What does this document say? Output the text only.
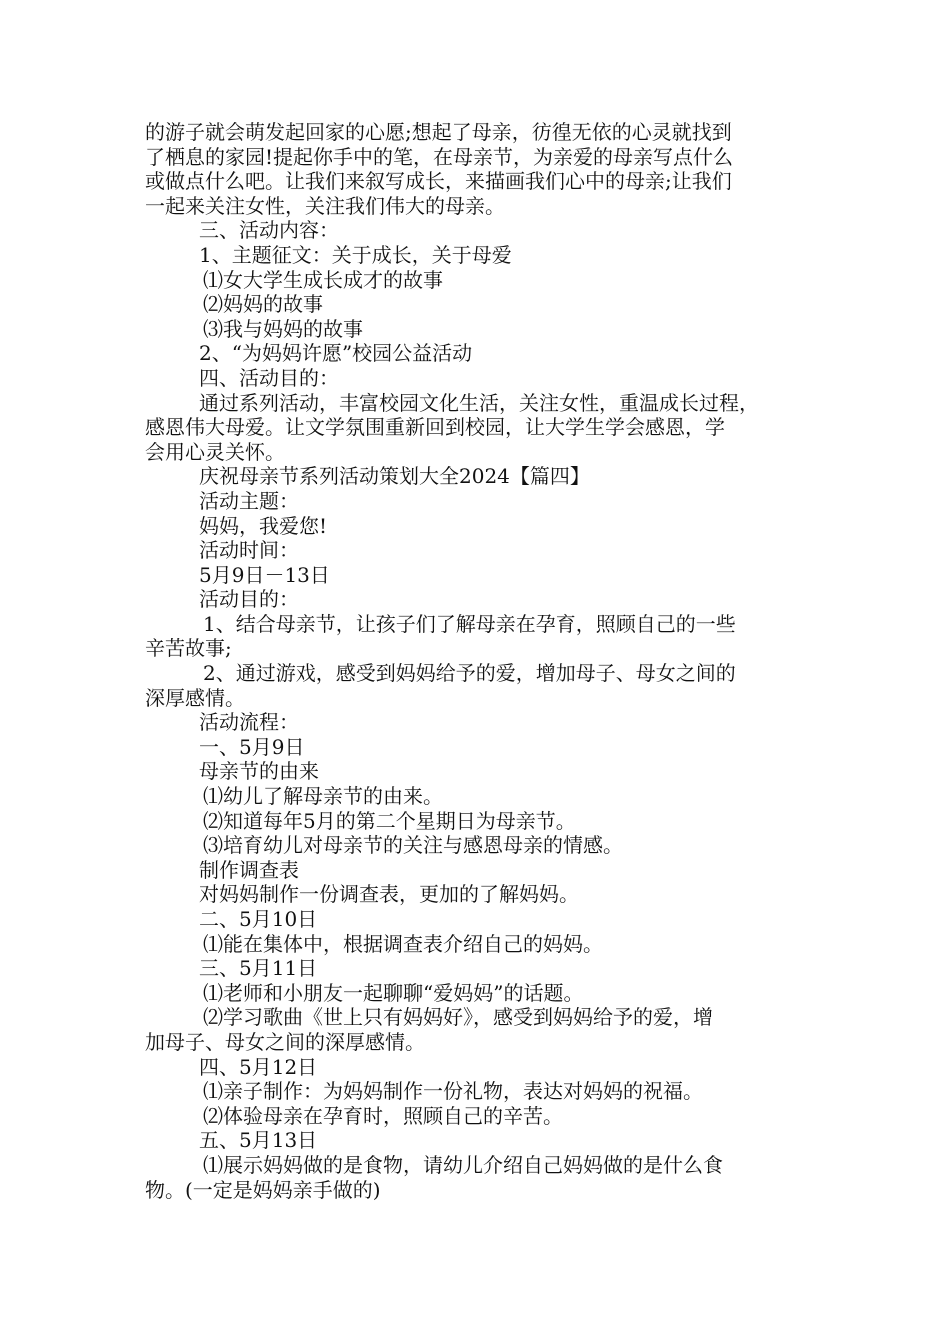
的游子就会萌发起回家的心愿;想起了母亲，彷徨无依的心灵就找到
了栖息的家园!提起你手中的笔，在母亲节，为亲爱的母亲写点什么
或做点什么吧。让我们来叙写成长，来描画我们心中的母亲;让我们
一起来关注女性，关注我们伟大的母亲。
三、活动内容：
1、主题征文：关于成长，关于母爱
⑴女大学生成长成才的故事
⑵妈妈的故事
⑶我与妈妈的故事
2、“为妈妈许愿”校园公益活动
四、活动目的：
通过系列活动，丰富校园文化生活，关注女性，重温成长过程，
感恩伟大母爱。让文学氛围重新回到校园，让大学生学会感恩，学
会用心灵关怀。
庆祝母亲节系列活动策划大全2024【篇四】
活动主题：
妈妈，我爱您!
活动时间：
5月9日－13日
活动目的：
1、结合母亲节，让孩子们了解母亲在孕育，照顾自己的一些
辛苦故事;
2、通过游戏，感受到妈妈给予的爱，增加母子、母女之间的
深厚感情。
活动流程：
一、5月9日
母亲节的由来
⑴幼儿了解母亲节的由来。
⑵知道每年5月的第二个星期日为母亲节。
⑶培育幼儿对母亲节的关注与感恩母亲的情感。
制作调查表
对妈妈制作一份调查表，更加的了解妈妈。
二、5月10日
⑴能在集体中，根据调查表介绍自己的妈妈。
三、5月11日
⑴老师和小朋友一起聊聊“爱妈妈”的话题。
⑵学习歌曲《世上只有妈妈好》，感受到妈妈给予的爱，增
加母子、母女之间的深厚感情。
四、5月12日
⑴亲子制作：为妈妈制作一份礼物，表达对妈妈的祝福。
⑵体验母亲在孕育时，照顾自己的辛苦。
五、5月13日
⑴展示妈妈做的是食物，请幼儿介绍自己妈妈做的是什么食
物。(一定是妈妈亲手做的)
